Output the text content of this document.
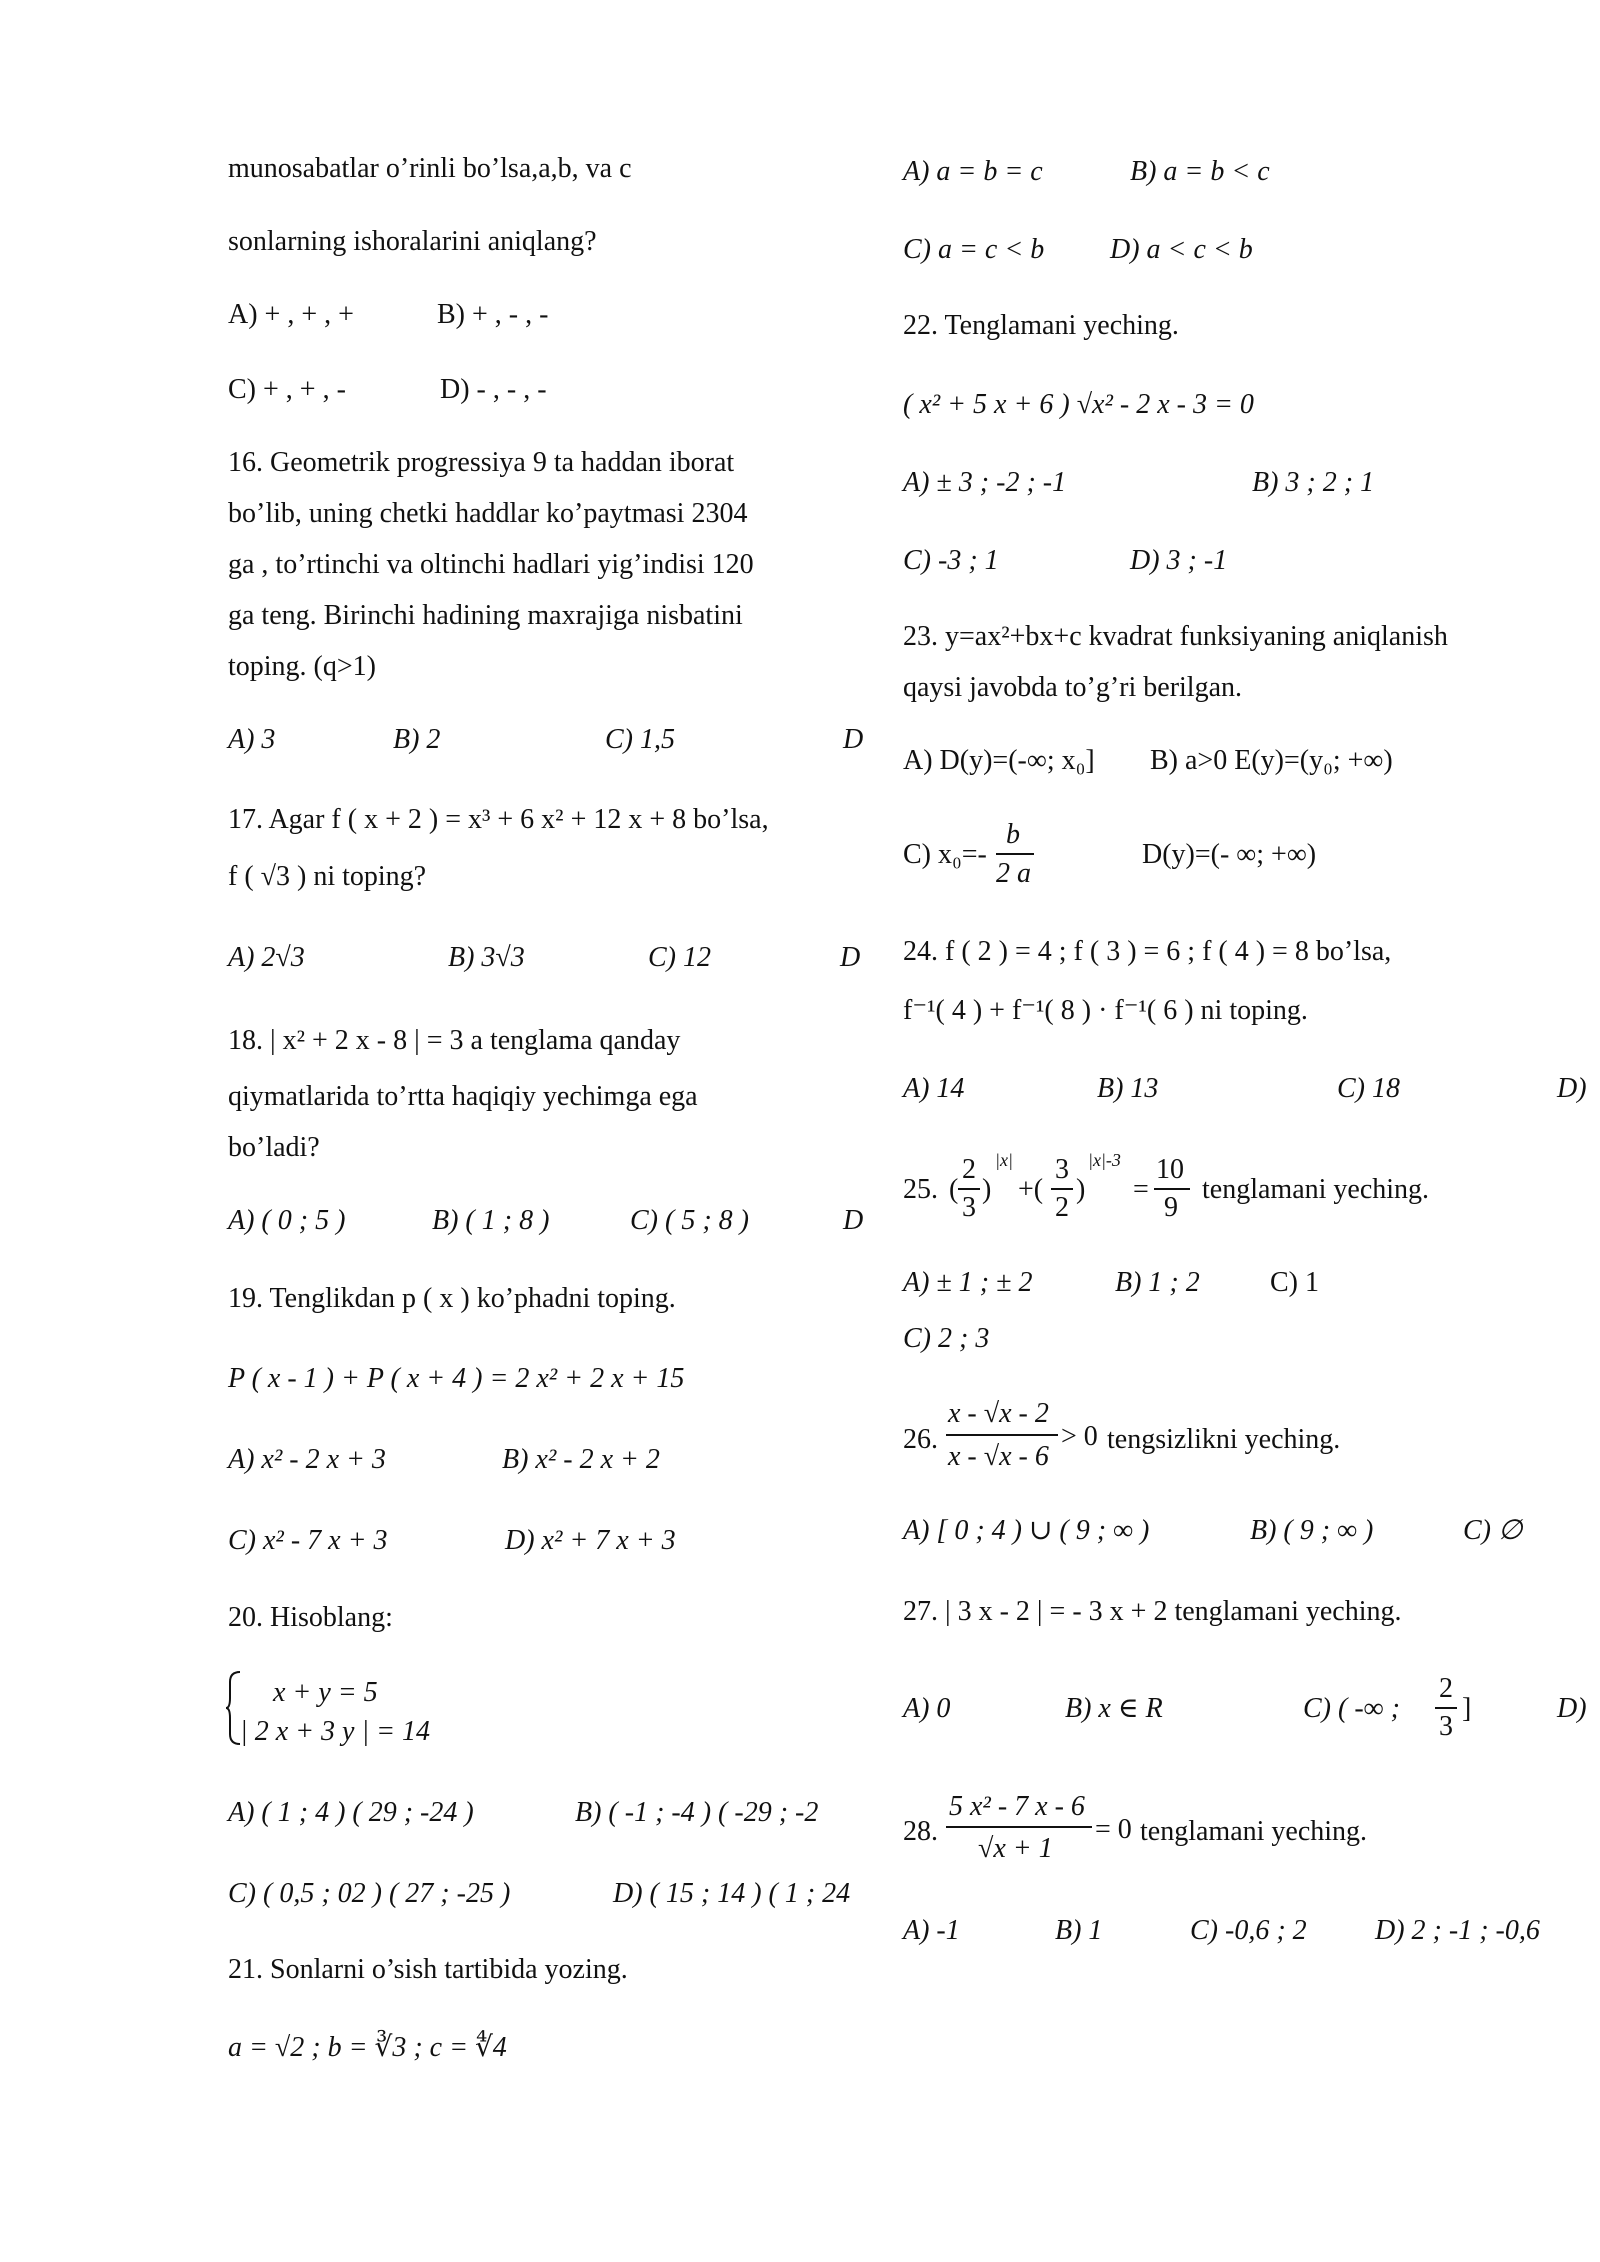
munosabatlar o’rinli bo’lsa,a,b, va c
sonlarning ishoralarini aniqlang?
A) + , + , +	B) + , - , -
C) + , + , -	D) - , - , -
16. Geometrik progressiya 9 ta haddan iborat
bo’lib, uning chetki haddlar ko’paytmasi 2304
ga , to’rtinchi va oltinchi hadlari yig’indisi 120
ga teng. Birinchi hadining maxrajiga nisbatini
toping. (q>1)
A) 3	B) 2	C) 1,5	D
17. Agar f ( x + 2 ) = x³ + 6 x² + 12 x + 8 bo’lsa,
f ( √3 ) ni toping?
A) 2√3	B) 3√3	C) 12	D
18. | x² + 2 x - 8 | = 3 a tenglama qanday
qiymatlarida to’rtta haqiqiy yechimga ega
bo’ladi?
A) ( 0 ; 5 )	B) ( 1 ; 8 )	C) ( 5 ; 8 )	D
19. Tenglikdan p ( x ) ko’phadni toping.
P ( x - 1 ) + P ( x + 4 ) = 2 x² + 2 x + 15
A) x² - 2 x + 3	B) x² - 2 x + 2
C) x² - 7 x + 3	D) x² + 7 x + 3
20. Hisoblang:
x + y = 5
| 2 x + 3 y | = 14
A) ( 1 ; 4 ) ( 29 ; -24 )	B) ( -1 ; -4 ) ( -29 ; -2
C) ( 0,5 ; 02 ) ( 27 ; -25 )	D) ( 15 ; 14 ) ( 1 ; 24
21. Sonlarni o’sish tartibida yozing.
a = √2 ; b = ∛3 ; c = ∜4
A) a = b = c	B) a = b < c
C) a = c < b D) a < c < b
22. Tenglamani yeching.
( x² + 5 x + 6 ) √x² - 2 x - 3 = 0
A) ± 3 ; -2 ; -1	B) 3 ; 2 ; 1
C) -3 ; 1	D) 3 ; -1
23. y=ax²+bx+c kvadrat funksiyaning aniqlanish
qaysi javobda to’g’ri berilgan.
A) D(y)=(-∞; x₀] B) a>0 E(y)=(y₀; +∞)
C) x₀=-
b
2 a
D(y)=(- ∞; +∞)
24. f ( 2 ) = 4 ; f ( 3 ) = 6 ; f ( 4 ) = 8 bo’lsa,
f⁻¹( 4 ) + f⁻¹( 8 ) · f⁻¹( 6 ) ni toping.
A) 14	B) 13	C) 18	D)
25. (
2
3
)
|x|
+(
3
2
)
|x|-3
=
10
9
tenglamani yeching.
A) ± 1 ; ± 2	B) 1 ; 2	C) 1
C) 2 ; 3
26.
x - √x - 2
x - √x - 6
> 0 tengsizlikni yeching.
A) [ 0 ; 4 ) ∪ ( 9 ; ∞ )	B) ( 9 ; ∞ )	C) ∅
27. | 3 x - 2 | = - 3 x + 2 tenglamani yeching.
A) 0	B) x ∈ R	C) ( -∞ ;
2
3
]	D)
28.
5 x² - 7 x - 6
√x + 1
= 0 tenglamani yeching.
A) -1	B) 1	C) -0,6 ; 2 D) 2 ; -1 ; -0,6
